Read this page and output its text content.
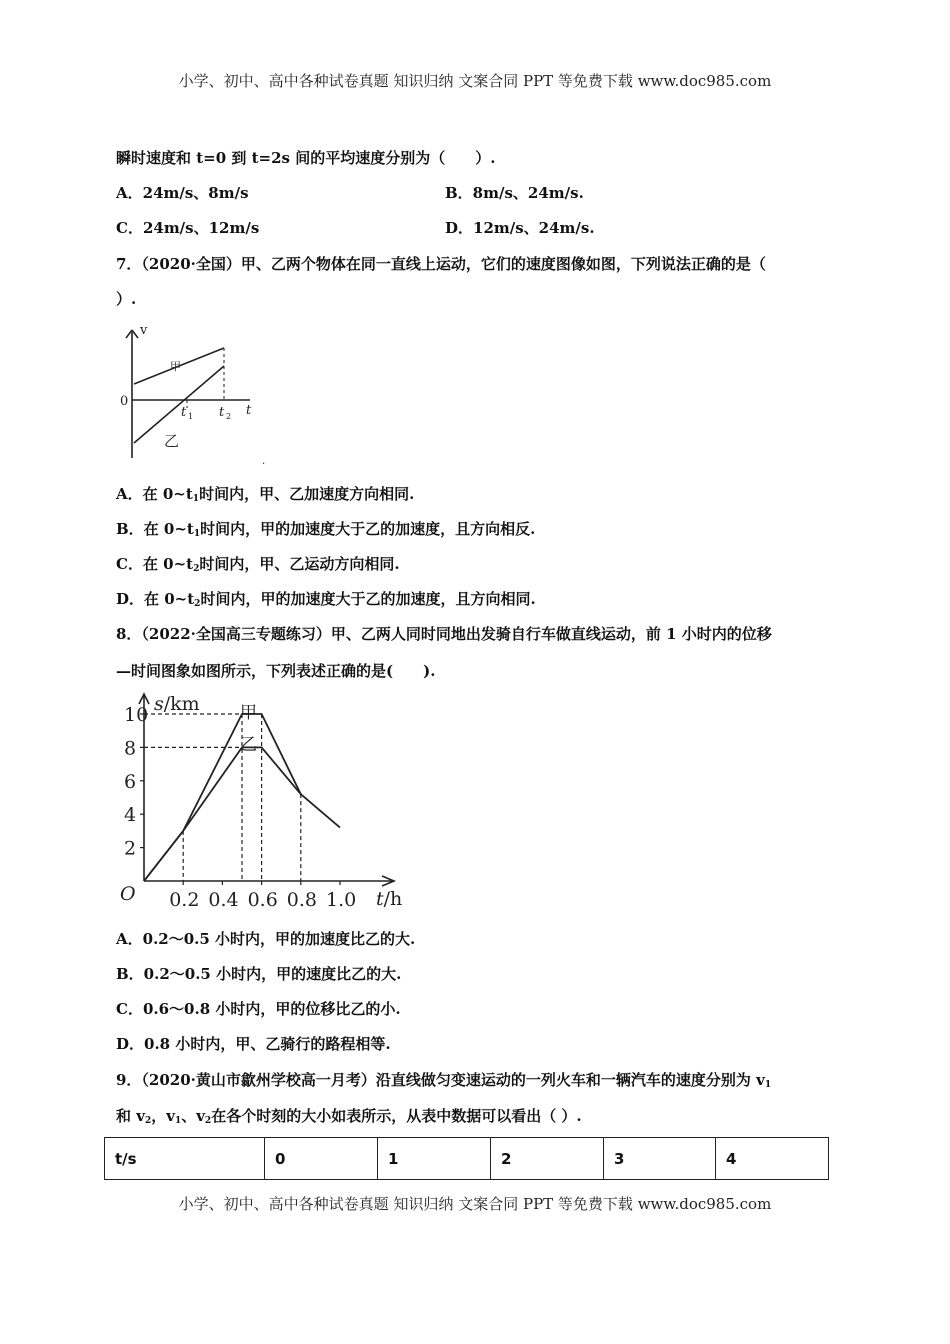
小学、初中、高中各种试卷真题 知识归纳 文案合同 PPT 等免费下载 www.doc985.com
瞬时速度和 t=0 到 t=2s 间的平均速度分别为（　　）.
A．24m/s、8m/s	B．8m/s、24m/s.
C．24m/s、12m/s	D．12m/s、24m/s.
7．（2020·全国）甲、乙两个物体在同一直线上运动，它们的速度图像如图，下列说法正确的是（
）.
v
0
t
t 1 t 2
甲
乙
.
A．在 $0\sim t_1$时间内，甲、乙加速度方向相同.
B．在 $0\sim t_1$时间内，甲的加速度大于乙的加速度，且方向相反.
C．在 $0\sim t_2$时间内，甲、乙运动方向相同.
D．在 $0\sim t_2$时间内，甲的加速度大于乙的加速度，且方向相同.
8．（2022·全国高三专题练习）甲、乙两人同时同地出发骑自行车做直线运动，前 1 小时内的位移
—时间图象如图所示，下列表述正确的是(　　).
10
8
6
4
2
0.2 0.4 0.6 0.8 1.0
s/km
t/h
O
甲
乙
A．0.2～0.5 小时内，甲的加速度比乙的大.
B．0.2～0.5 小时内，甲的速度比乙的大.
C．0.6～0.8 小时内，甲的位移比乙的小.
D．0.8 小时内，甲、乙骑行的路程相等.
9．（2020·黄山市歙州学校高一月考）沿直线做匀变速运动的一列火车和一辆汽车的速度分别为 $v_1$
和 $v_2$，$v_1$、$v_2$在各个时刻的大小如表所示，从表中数据可以看出（ ）.
t/s	0	1	2	3	4
小学、初中、高中各种试卷真题 知识归纳 文案合同 PPT 等免费下载 www.doc985.com
